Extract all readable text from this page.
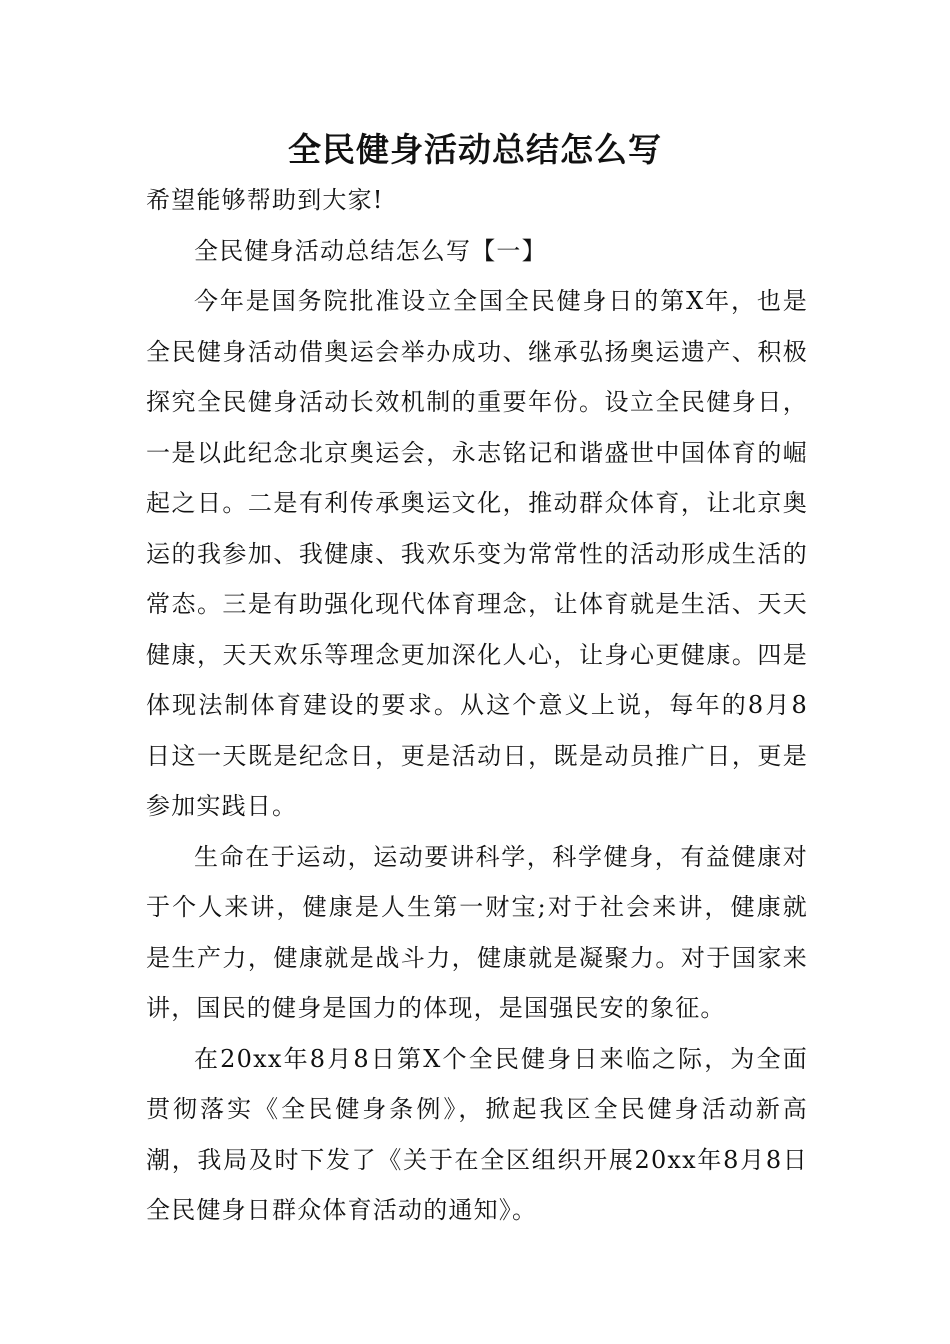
全民健身活动总结怎么写

希望能够帮助到大家!

全民健身活动总结怎么写【一】

今年是国务院批准设立全国全民健身日的第X年，也是全民健身活动借奥运会举办成功、继承弘扬奥运遗产、积极探究全民健身活动长效机制的重要年份。设立全民健身日，一是以此纪念北京奥运会，永志铭记和谐盛世中国体育的崛起之日。二是有利传承奥运文化，推动群众体育，让北京奥运的我参加、我健康、我欢乐变为常常性的活动形成生活的常态。三是有助强化现代体育理念，让体育就是生活、天天健康，天天欢乐等理念更加深化人心，让身心更健康。四是体现法制体育建设的要求。从这个意义上说，每年的8月8日这一天既是纪念日，更是活动日，既是动员推广日，更是参加实践日。

生命在于运动，运动要讲科学，科学健身，有益健康对于个人来讲，健康是人生第一财宝;对于社会来讲，健康就是生产力，健康就是战斗力，健康就是凝聚力。对于国家来讲，国民的健身是国力的体现，是国强民安的象征。

在20xx年8月8日第X个全民健身日来临之际，为全面贯彻落实《全民健身条例》，掀起我区全民健身活动新高潮，我局及时下发了《关于在全区组织开展20xx年8月8日全民健身日群众体育活动的通知》。
